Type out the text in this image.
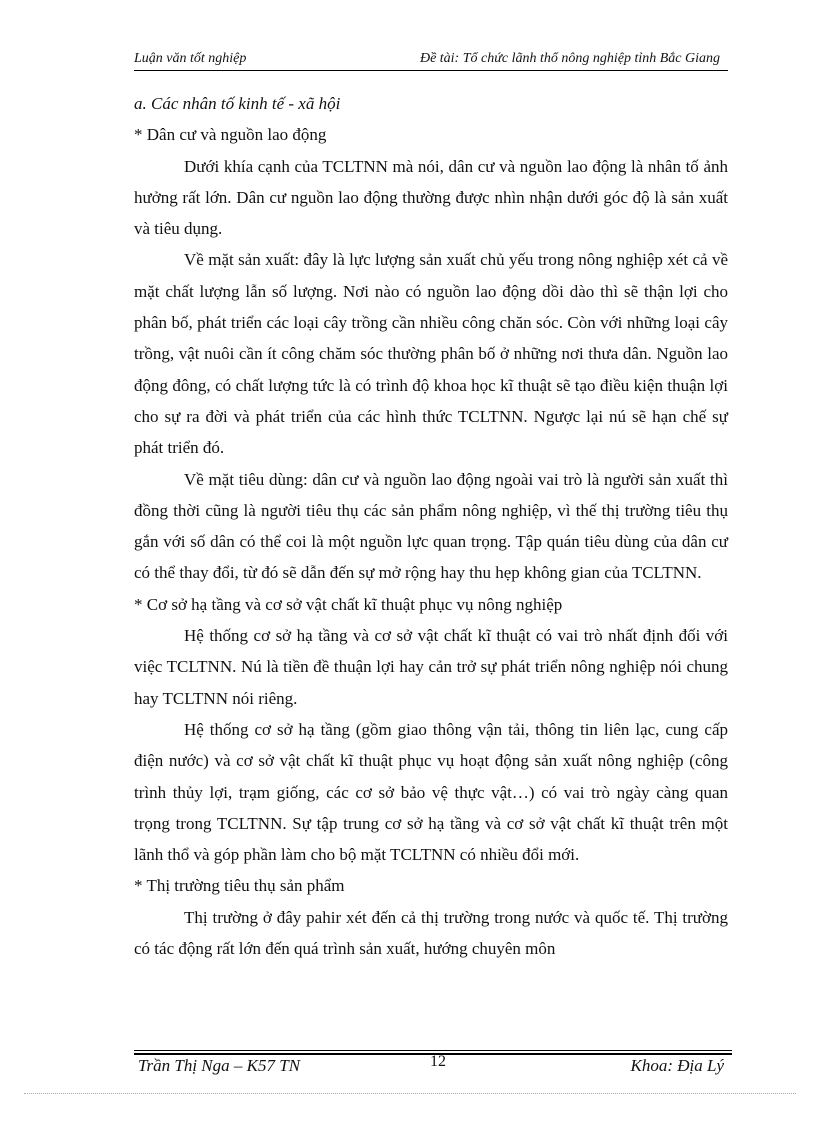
Luận văn tốt nghiệp	Đề tài: Tổ chức lãnh thổ nông nghiệp tỉnh Bắc Giang

a. Các nhân tố kinh tế - xã hội

* Dân cư và nguồn lao động

Dưới khía cạnh của TCLTNN mà nói, dân cư và nguồn lao động là nhân tố ảnh hưởng rất lớn. Dân cư nguồn lao động thường được nhìn nhận dưới góc độ là sản xuất và tiêu dụng.

Về mặt sản xuất: đây là lực lượng sản xuất chủ yếu trong nông nghiệp xét cả về mặt chất lượng lẫn số lượng. Nơi nào có nguồn lao động dồi dào thì sẽ thận lợi cho phân bố, phát triển các loại cây trồng cần nhiều công chăn sóc. Còn với những loại cây trồng, vật nuôi cần ít công chăm sóc thường phân bố ở những nơi thưa dân. Nguồn lao động đông, có chất lượng tức là có trình độ khoa học kĩ thuật sẽ tạo điều kiện thuận lợi cho sự ra đời và phát triển của các hình thức TCLTNN. Ngược lại nú sẽ hạn chế sự phát triển đó.

Về mặt tiêu dùng: dân cư và nguồn lao động ngoài vai trò là người sản xuất thì đồng thời cũng là người tiêu thụ các sản phẩm nông nghiệp, vì thế thị trường tiêu thụ gắn với số dân có thể coi là một nguồn lực quan trọng. Tập quán tiêu dùng của dân cư có thể thay đổi, từ đó sẽ dẫn đến sự mở rộng hay thu hẹp không gian của TCLTNN.

* Cơ sở hạ tầng và cơ sở vật chất kĩ thuật phục vụ nông nghiệp

Hệ thống cơ sở hạ tầng và cơ sở vật chất kĩ thuật có vai trò nhất định đối với việc TCLTNN. Nú là tiền đề thuận lợi hay cản trở sự phát triển nông nghiệp nói chung hay TCLTNN nói riêng.

Hệ thống cơ sở hạ tầng (gồm giao thông vận tải, thông tin liên lạc, cung cấp điện nước) và cơ sở vật chất kĩ thuật phục vụ hoạt động sản xuất nông nghiệp (công trình thủy lợi, trạm giống, các cơ sở bảo vệ thực vật…) có vai trò ngày càng quan trọng trong TCLTNN. Sự tập trung cơ sở hạ tầng và cơ sở vật chất kĩ thuật trên một lãnh thổ và góp phần làm cho bộ mặt TCLTNN có nhiều đổi mới.

* Thị trường tiêu thụ sản phẩm

Thị trường ở đây pahir xét đến cả thị trường trong nước và quốc tế. Thị trường có tác động rất lớn đến quá trình sản xuất, hướng chuyên môn

Trần Thị Nga – K57 TN	12	Khoa: Địa Lý
